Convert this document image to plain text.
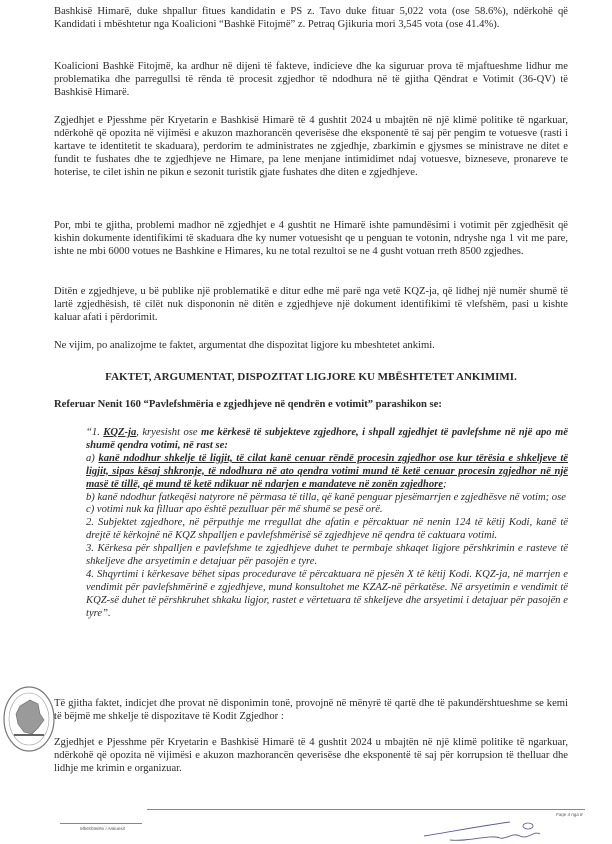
Bashkisë Himarë, duke shpallur fitues kandidatin e PS z. Tavo duke fituar 5,022 vota (ose 58.6%), ndërkohë që Kandidati i mbështetur nga Koalicioni “Bashkë Fitojmë” z. Petraq Gjikuria mori 3,545 vota (ose 41.4%).

Koalicioni Bashkë Fitojmë, ka ardhur në dijeni të fakteve, indicieve dhe ka siguruar prova të mjaftueshme lidhur me problematika dhe parregullsi të rënda të procesit zgjedhor të ndodhura në të gjitha Qëndrat e Votimit (36-QV) të Bashkisë Himarë.

Zgjedhjet e Pjesshme për Kryetarin e Bashkisë Himarë të 4 gushtit 2024 u mbajtën në një klimë politike të ngarkuar, ndërkohë që opozita në vijimësi e akuzon mazhorancën qeverisëse dhe eksponentë të saj për pengim te votuesve (rasti i kartave te identitetit te skaduara), perdorim te administrates ne zgjedhje, zbarkimin e gjysmes se ministrave ne ditet e fundit te fushates dhe te zgjedhjeve ne Himare, pa lene menjane intimidimet ndaj votuesve, bizneseve, pronareve te hoterise, te cilet ishin ne pikun e sezonit turistik gjate fushates dhe diten e zgjedhjeve.

Por, mbi te gjitha, problemi madhor në zgjedhjet e 4 gushtit ne Himarë ishte pamundësimi i votimit për zgjedhësit që kishin dokumente identifikimi të skaduara dhe ky numer votuesisht qe u penguan te votonin, ndryshe nga 1 vit me pare, ishte ne mbi 6000 votues ne Bashkine e Himares, ku ne total rezultoi se ne 4 gusht votuan rreth 8500 zgjedhes.

Ditën e zgjedhjeve, u bë publike një problematikë e ditur edhe më parë nga vetë KQZ-ja, që lidhej një numër shumë të lartë zgjedhësish, të cilët nuk dispononin në ditën e zgjedhjeve një dokument identifikimi të vlefshëm, pasi u kishte kaluar afati i përdorimit.

Ne vijim, po analizojme te faktet, argumentat dhe dispozitat ligjore ku mbeshtetet ankimi.

FAKTET, ARGUMENTAT, DISPOZITAT LIGJORE KU MBËSHTETET ANKIMIMI.
Referuar Nenit 160 “Pavlefshmëria e zgjedhjeve në qendrën e votimit” parashikon se:
“1. KQZ-ja, kryesisht ose me kërkesë të subjekteve zgjedhore, i shpall zgjedhjet të pavlefshme në një apo më shumë qendra votimi, në rast se:
a) kanë ndodhur shkelje të ligjit, të cilat kanë cenuar rëndë procesin zgjedhor ose kur tërësia e shkeljeve të ligjit, sipas kësaj shkronje, të ndodhura në ato qendra votimi mund të ketë cenuar procesin zgjedhor në një masë të tillë, që mund të ketë ndikuar në ndarjen e mandateve në zonën zgjedhore;
b) kanë ndodhur fatkeqësi natyrore në përmasa të tilla, që kanë penguar pjesëmarrjen e zgjedhësve në votim; ose
c) votimi nuk ka filluar apo është pezulluar për më shumë se pesë orë.
2. Subjektet zgjedhore, në përputhje me rregullat dhe afatin e përcaktuar në nenin 124 të këtij Kodi, kanë të drejtë të kërkojnë në KQZ shpalljen e pavlefshmërisë së zgjedhjeve në qendra të caktuara votimi.
3. Kërkesa për shpalljen e pavlefshme te zgjedhjeve duhet te permbaje shkaqet ligjore përshkrimin e rasteve të shkeljeve dhe arsyetimin e detajuar për pasojën e tyre.
4. Shqyrtimi i kërkesave bëhet sipas procedurave të përcaktuara në pjesën X të këtij Kodi. KQZ-ja, në marrjen e vendimit për pavlefshmërinë e zgjedhjeve, mund konsultohet me KZAZ-në përkatëse. Në arsyetimin e vendimit të KQZ-së duhet të përshkruhet shkaku ligjor, rastet e vërtetuara të shkeljeve dhe arsyetimi i detajuar për pasojën e tyre”.

Të gjitha faktet, indicjet dhe provat në disponimin tonë, provojnë në mënyrë të qartë dhe të pakundërshtueshme se kemi të bëjmë me shkelje të dispozitave të Kodit Zgjedhor :

Zgjedhjet e Pjesshme për Kryetarin e Bashkisë Himarë të 4 gushtit 2024 u mbajtën në një klimë politike të ngarkuar, ndërkohë që opozita në vijimësi e akuzon mazhorancën qeverisëse dhe eksponentë të saj për korrupsion të thelluar dhe lidhje me krimin e organizuar.

Faqe 4 nga 8
Mbështetësi i Ankuesit
